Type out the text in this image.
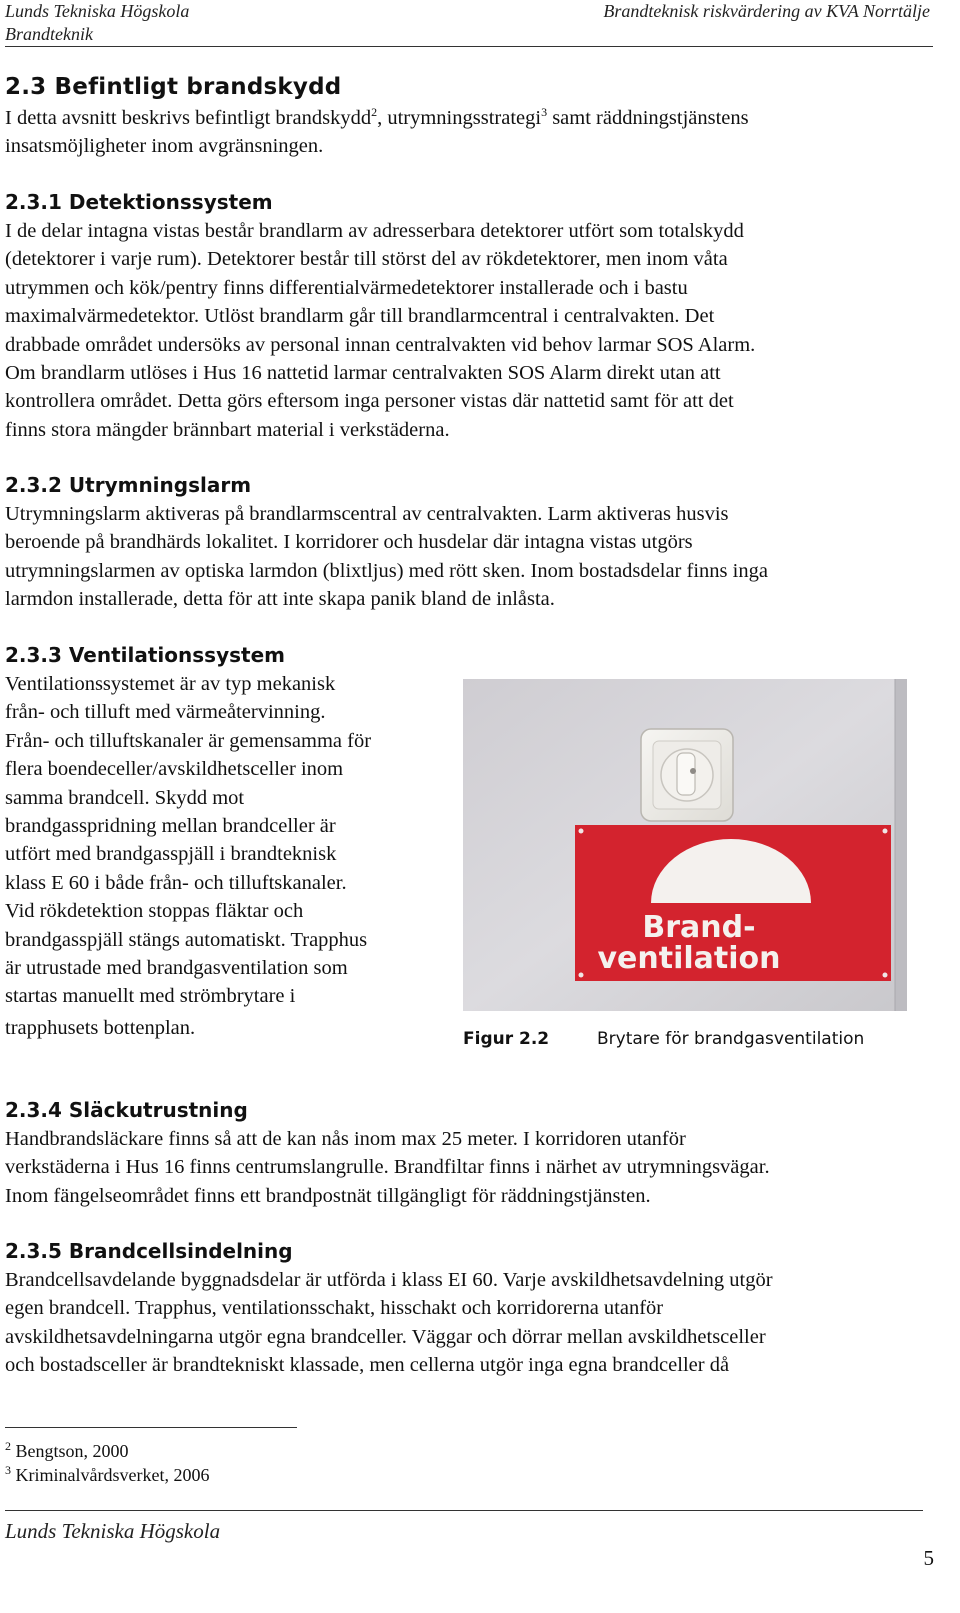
Lunds Tekniska Högskola
Brandteknik
Brandteknisk riskvärdering av KVA Norrtälje
2.3 Befintligt brandskydd

I detta avsnitt beskrivs befintligt brandskydd$^2$, utrymningsstrategi$^3$ samt räddningstjänstens

insatsmöjligheter inom avgränsningen.

2.3.1 Detektionssystem

I de delar intagna vistas består brandlarm av adresserbara detektorer utfört som totalskydd

(detektorer i varje rum). Detektorer består till störst del av rökdetektorer, men inom våta

utrymmen och kök/pentry finns differentialvärmedetektorer installerade och i bastu

maximalvärmedetektor. Utlöst brandlarm går till brandlarmcentral i centralvakten. Det

drabbade området undersöks av personal innan centralvakten vid behov larmar SOS Alarm.

Om brandlarm utlöses i Hus 16 nattetid larmar centralvakten SOS Alarm direkt utan att

kontrollera området. Detta görs eftersom inga personer vistas där nattetid samt för att det

finns stora mängder brännbart material i verkstäderna.

2.3.2 Utrymningslarm

Utrymningslarm aktiveras på brandlarmscentral av centralvakten. Larm aktiveras husvis

beroende på brandhärds lokalitet. I korridorer och husdelar där intagna vistas utgörs

utrymningslarmen av optiska larmdon (blixtljus) med rött sken. Inom bostadsdelar finns inga

larmdon installerade, detta för att inte skapa panik bland de inlåsta.

2.3.3 Ventilationssystem

Ventilationssystemet är av typ mekanisk

från- och tilluft med värmeåtervinning.

Från- och tilluftskanaler är gemensamma för

flera boendeceller/avskildhetsceller inom

samma brandcell. Skydd mot

brandgasspridning mellan brandceller är

utfört med brandgasspjäll i brandteknisk

klass E 60 i både från- och tilluftskanaler.

Vid rökdetektion stoppas fläktar och

brandgasspjäll stängs automatiskt. Trapphus

är utrustade med brandgasventilation som

startas manuellt med strömbrytare i

trapphusets bottenplan.

Brand-
ventilation
Figur 2.2	Brytare för brandgasventilation
2.3.4 Släckutrustning

Handbrandsläckare finns så att de kan nås inom max 25 meter. I korridoren utanför

verkstäderna i Hus 16 finns centrumslangrulle. Brandfiltar finns i närhet av utrymningsvägar.

Inom fängelseområdet finns ett brandpostnät tillgängligt för räddningstjänsten.

2.3.5 Brandcellsindelning

Brandcellsavdelande byggnadsdelar är utförda i klass EI 60. Varje avskildhetsavdelning utgör

egen brandcell. Trapphus, ventilationsschakt, hisschakt och korridorerna utanför

avskildhetsavdelningarna utgör egna brandceller. Väggar och dörrar mellan avskildhetsceller

och bostadsceller är brandtekniskt klassade, men cellerna utgör inga egna brandceller då

$^2$ Bengtson, 2000
$^3$ Kriminalvårdsverket, 2006
Lunds Tekniska Högskola
5
